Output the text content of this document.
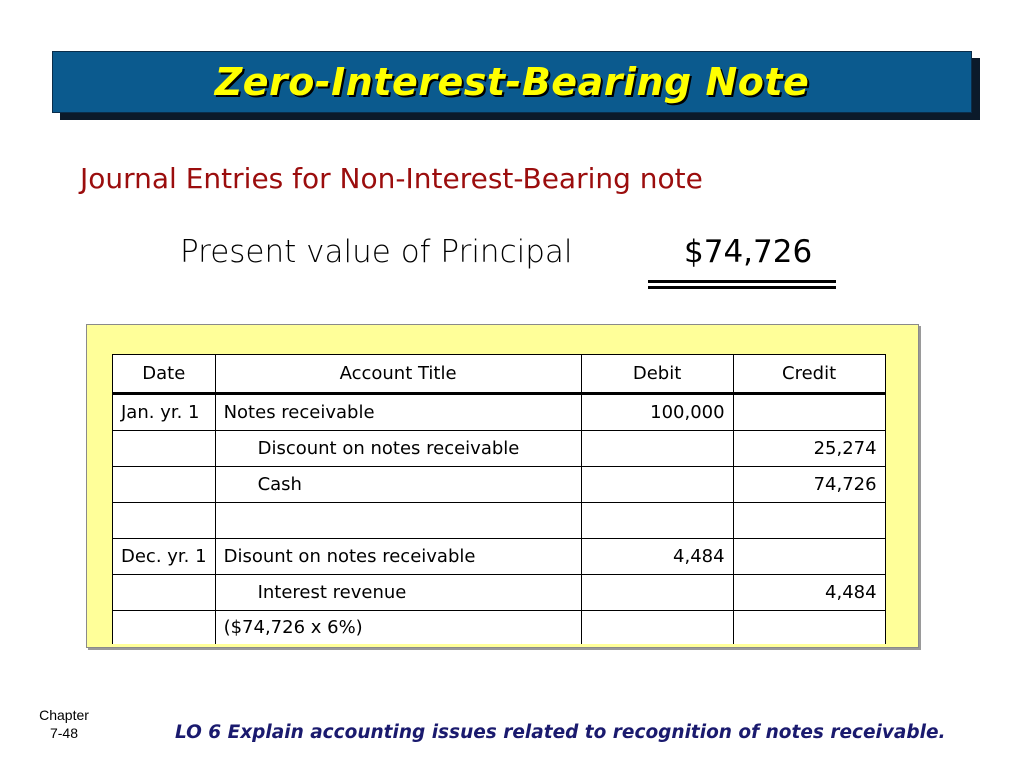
Zero-Interest-Bearing Note
Journal Entries for Non-Interest-Bearing note
Present value of Principal	$74,726
Date	Account Title	Debit	Credit
Jan. yr. 1	Notes receivable	100,000	
	Discount on notes receivable		25,274
	Cash		74,726

Dec. yr. 1	Disount on notes receivable	4,484	
	Interest revenue		4,484
	($74,726 x 6%)		
Chapter
7-48	LO 6 Explain accounting issues related to recognition of notes receivable.
